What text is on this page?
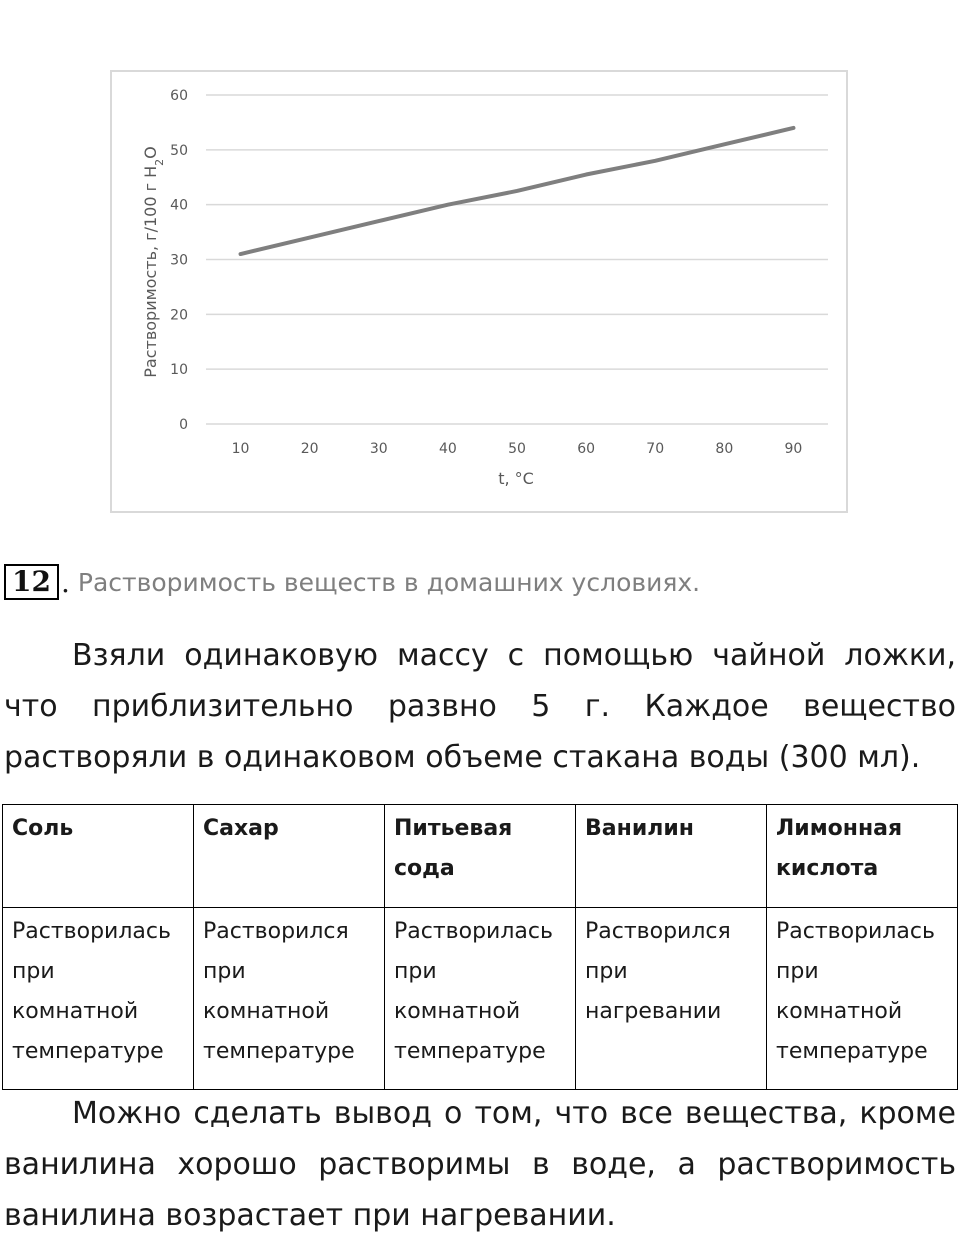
0
10
20
30
40
50
60
10	20	30	40	50	60	70	80	90
t, °C
Растворимость, г/100 г $H_2O$
12 . Растворимость веществ в домашних условиях.

Взяли одинаковую массу с помощью чайной ложки, что приблизительно развно 5 г. Каждое вещество растворяли в одинаковом объеме стакана воды (300 мл).

Соль	Сахар	Питьевая сода	Ванилин	Лимонная кислота
Растворилась при комнатной температуре	Растворился при комнатной температуре	Растворилась при комнатной температуре	Растворился при нагревании	Растворилась при комнатной температуре

Можно сделать вывод о том, что все вещества, кроме ванилина хорошо растворимы в воде, а растворимость ванилина возрастает при нагревании.
